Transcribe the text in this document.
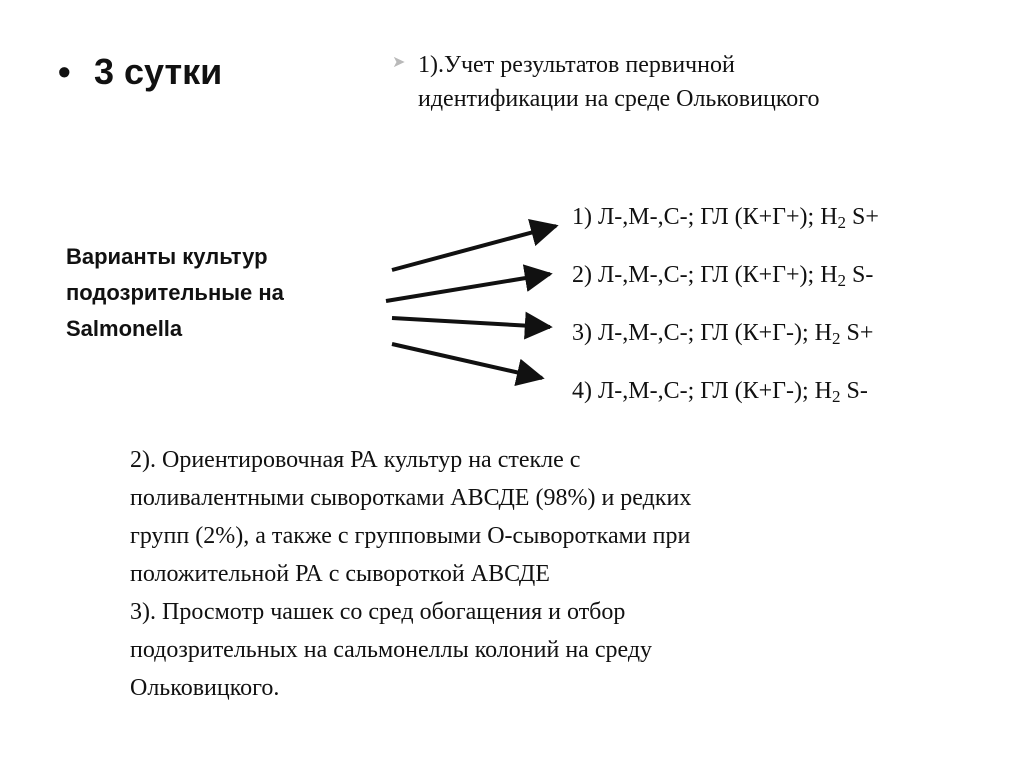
• 3 сутки	➤ 1).Учет результатов первичной
идентификации на среде Ольковицкого
Варианты культур
подозрительные на
Salmonella
1) Л-,М-,С-; ГЛ (К+Г+); $Н_2$ S+
2) Л-,М-,С-; ГЛ (К+Г+); $Н_2$ S-
3) Л-,М-,С-; ГЛ (К+Г-); $Н_2$ S+
4) Л-,М-,С-; ГЛ (К+Г-); $Н_2$ S-
2). Ориентировочная РА культур на стекле с
поливалентными сыворотками АВСДЕ (98%) и редких
групп (2%), а также с групповыми О-сыворотками при
положительной РА с сывороткой АВСДЕ
3). Просмотр чашек со сред обогащения и отбор
подозрительных на сальмонеллы колоний на среду
Ольковицкого.
